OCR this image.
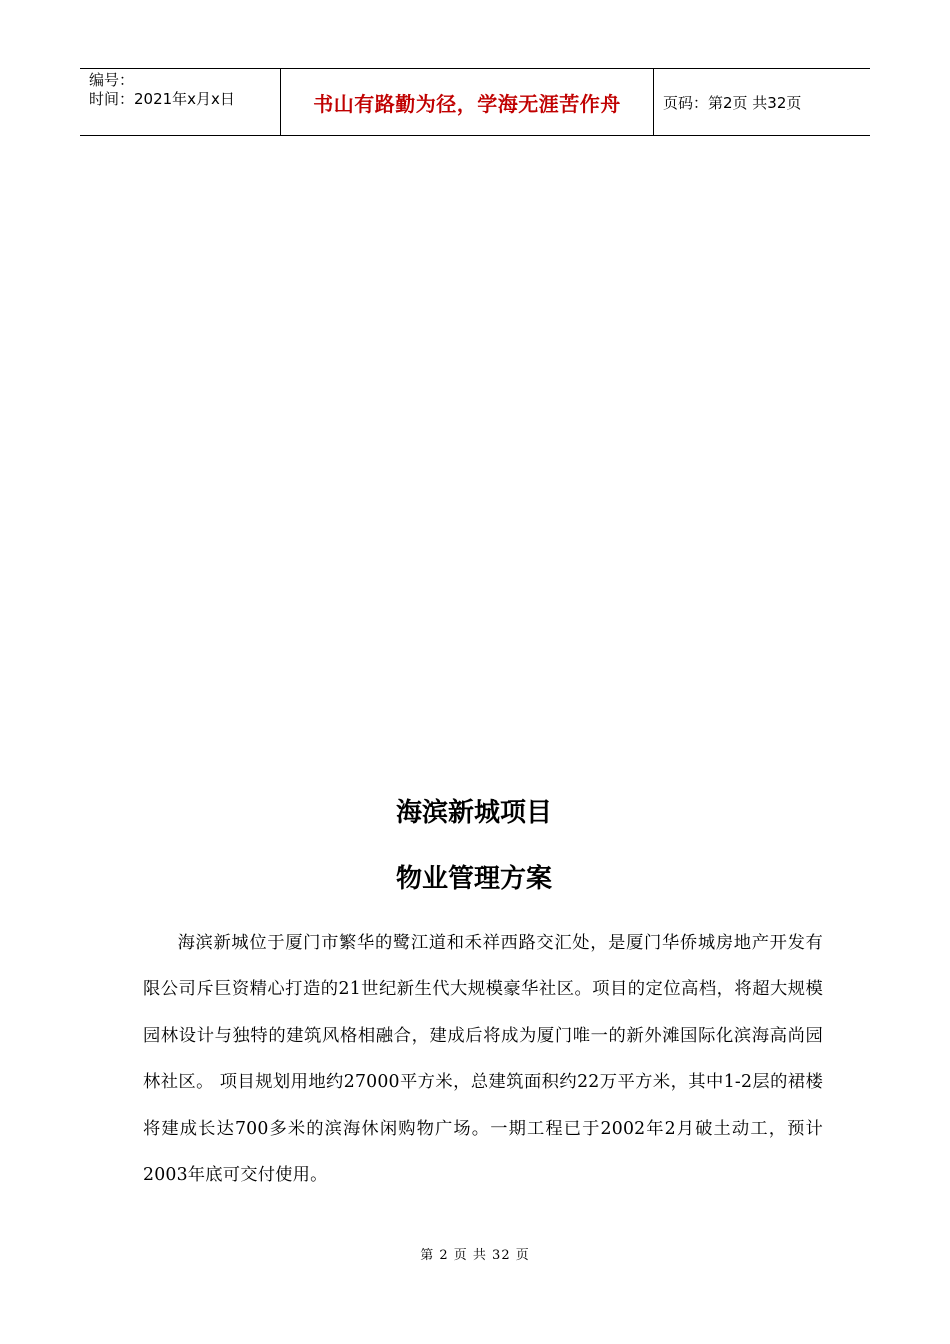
编号：
时间：2021年x月x日	书山有路勤为径，学海无涯苦作舟	页码：第2页 共32页
海滨新城项目
物业管理方案
海滨新城位于厦门市繁华的鹭江道和禾祥西路交汇处，是厦门华侨城房地产开发有限公司斥巨资精心打造的21世纪新生代大规模豪华社区。项目的定位高档，将超大规模园林设计与独特的建筑风格相融合，建成后将成为厦门唯一的新外滩国际化滨海高尚园林社区。 项目规划用地约27000平方米，总建筑面积约22万平方米，其中1-2层的裙楼将建成长达700多米的滨海休闲购物广场。一期工程已于2002年2月破土动工，预计2003年底可交付使用。
第 2 页 共 32 页
